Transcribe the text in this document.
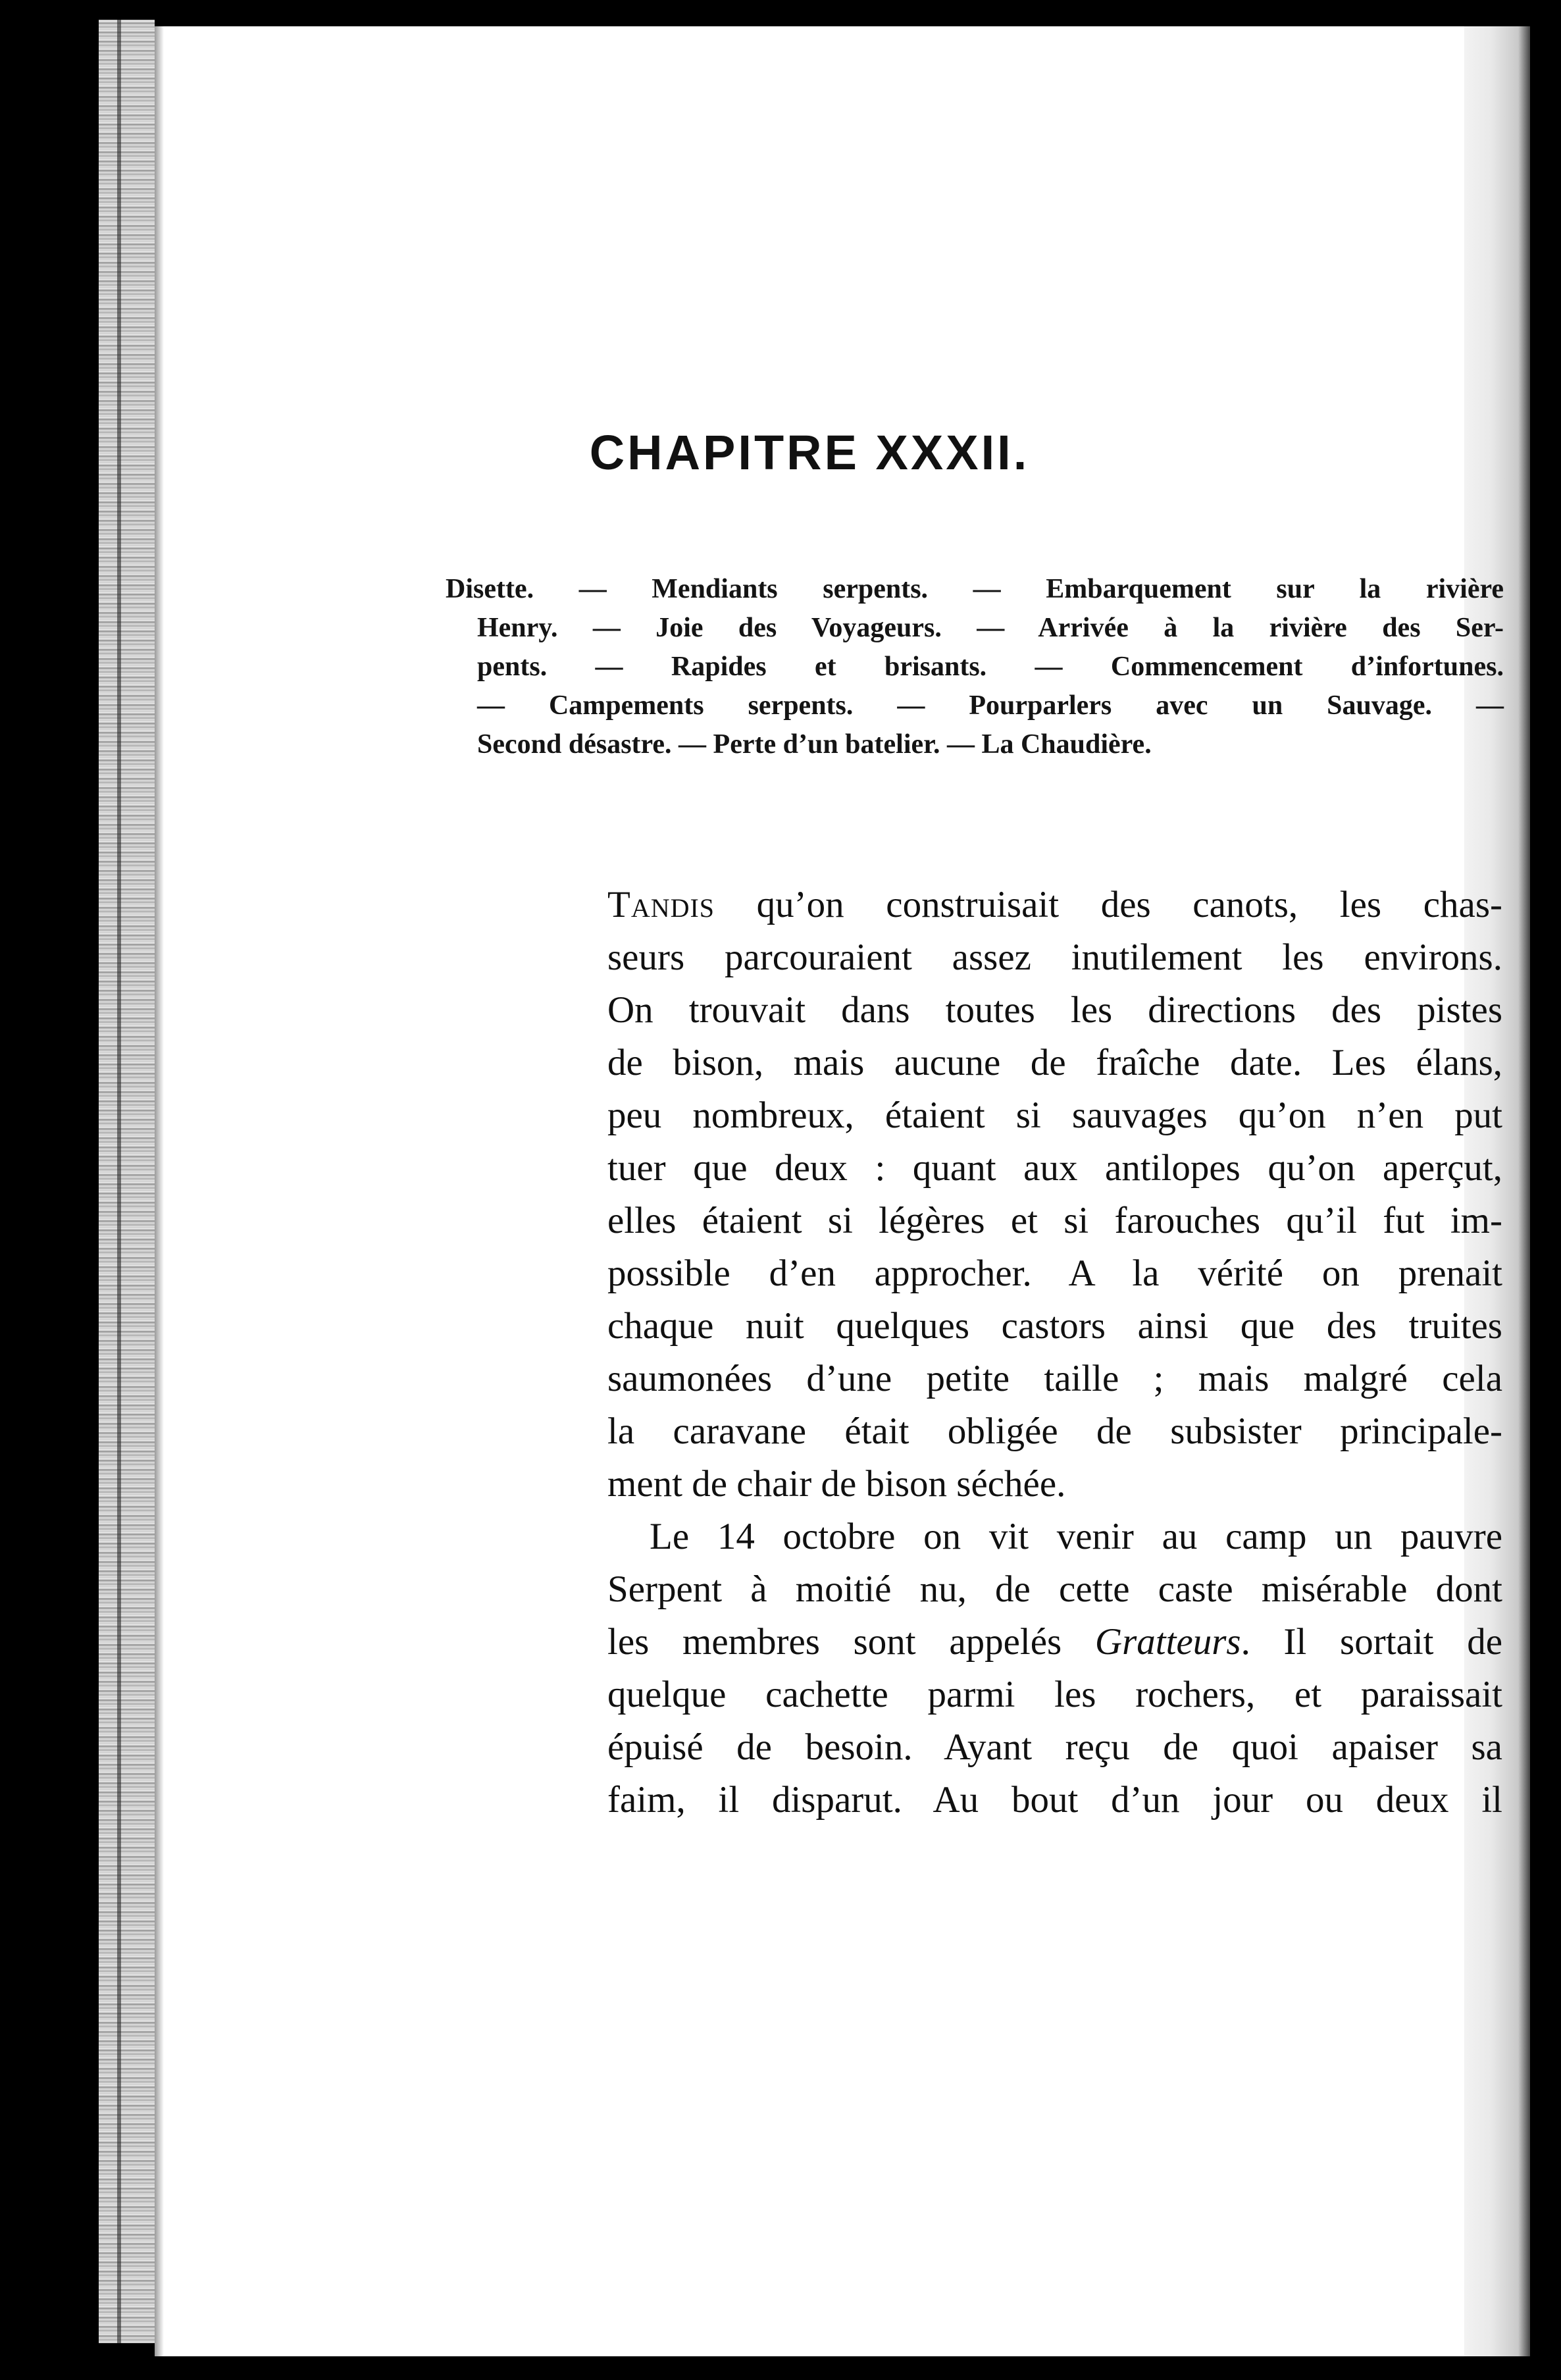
CHAPITRE XXXII.
Disette. — Mendiants serpents. — Embarquement sur la rivière
Henry. — Joie des Voyageurs. — Arrivée à la rivière des Ser-
pents. — Rapides et brisants. — Commencement d’infortunes.
— Campements serpents. — Pourparlers avec un Sauvage. —
Second désastre. — Perte d’un batelier. — La Chaudière.
Tandis qu’on construisait des canots, les chas-
seurs parcouraient assez inutilement les environs.
On trouvait dans toutes les directions des pistes
de bison, mais aucune de fraîche date. Les élans,
peu nombreux, étaient si sauvages qu’on n’en put
tuer que deux : quant aux antilopes qu’on aperçut,
elles étaient si légères et si farouches qu’il fut im-
possible d’en approcher. A la vérité on prenait
chaque nuit quelques castors ainsi que des truites
saumonées d’une petite taille ; mais malgré cela
la caravane était obligée de subsister principale-
ment de chair de bison séchée.
Le 14 octobre on vit venir au camp un pauvre
Serpent à moitié nu, de cette caste misérable dont
les membres sont appelés Gratteurs. Il sortait de
quelque cachette parmi les rochers, et paraissait
épuisé de besoin. Ayant reçu de quoi apaiser sa
faim, il disparut. Au bout d’un jour ou deux il
